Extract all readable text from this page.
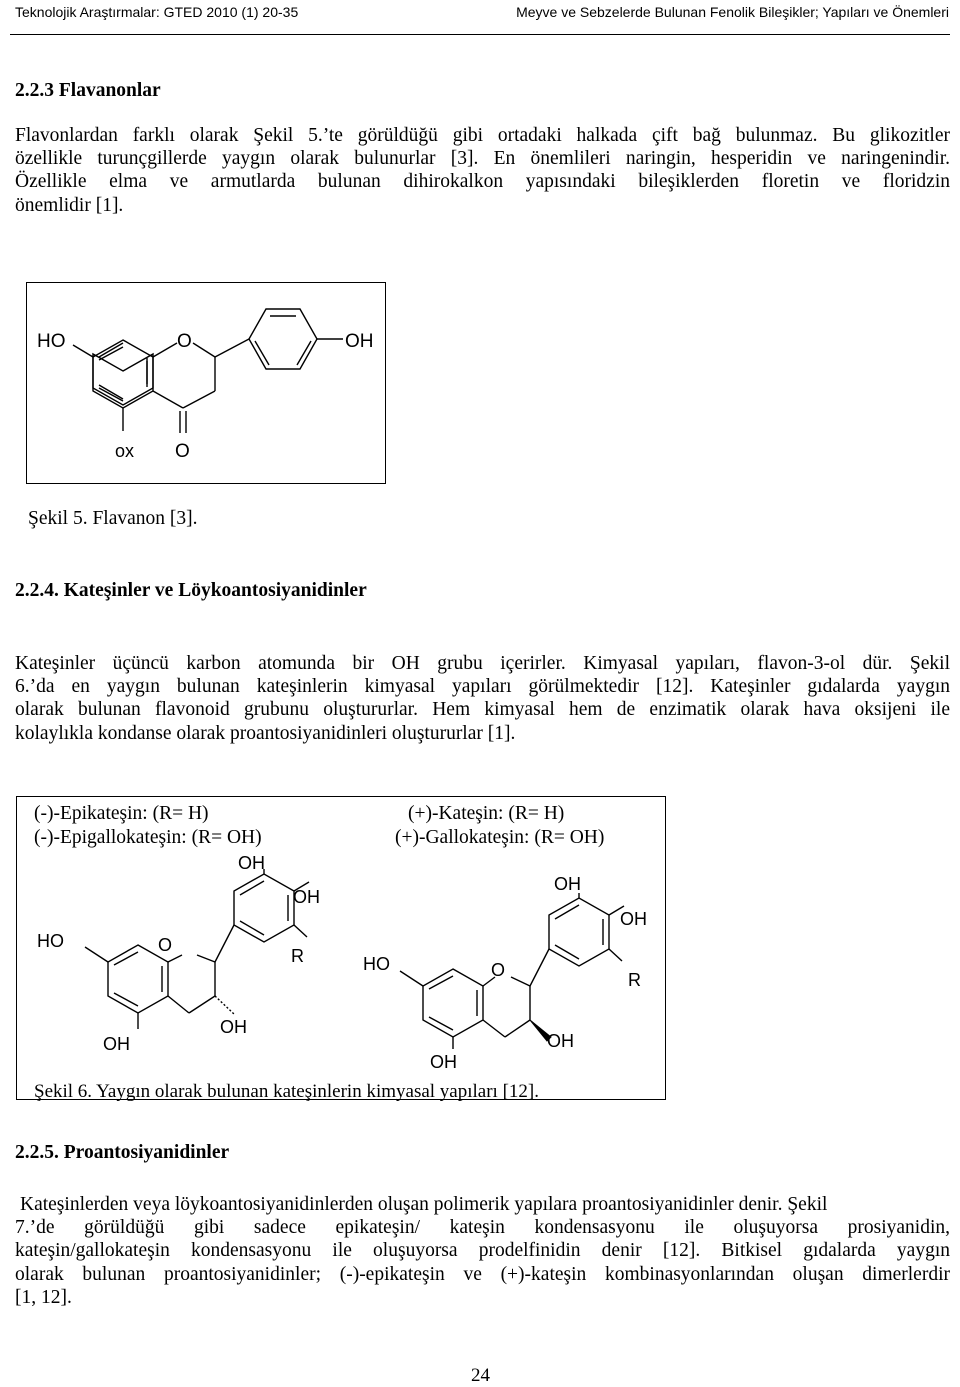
Teknolojik Araştırmalar: GTED 2010 (1) 20-35	Meyve ve Sebzelerde Bulunan Fenolik Bileşikler; Yapıları ve Önemleri
2.2.3 Flavanonlar
Flavonlardan farklı olarak Şekil 5.’te görüldüğü gibi ortadaki halkada çift bağ bulunmaz. Bu glikozitler
özellikle turunçgillerde yaygın olarak bulunurlar [3]. En önemlileri naringin, hesperidin ve naringenindir.
Özellikle elma ve armutlarda bulunan dihirokalkon yapısındaki bileşiklerden floretin ve floridzin
önemlidir [1].
HO	O	OH
ox O
Şekil 5. Flavanon [3].
2.2.4. Kateşinler ve Löykoantosiyanidinler
Kateşinler üçüncü karbon atomunda bir OH grubu içerirler. Kimyasal yapıları, flavon-3-ol dür. Şekil
6.’da en yaygın bulunan kateşinlerin kimyasal yapıları görülmektedir [12]. Kateşinler gıdalarda yaygın
olarak bulunan flavonoid grubunu oluştururlar. Hem kimyasal hem de enzimatik olarak hava oksijeni ile
kolaylıkla kondanse olarak proantosiyanidinleri oluştururlar [1].
(-)-Epikateşin: (R= H)
(-)-Epigallokateşin: (R= OH)
(+)-Kateşin: (R= H)
(+)-Gallokateşin: (R= OH)
OH
OH
R
HO	O
OH
OH
OH
OH
R
HO	O
OH
OH
Şekil 6. Yaygın olarak bulunan kateşinlerin kimyasal yapıları [12].
2.2.5. Proantosiyanidinler
Kateşinlerden veya löykoantosiyanidinlerden oluşan polimerik yapılara proantosiyanidinler denir. Şekil
7.’de görüldüğü gibi sadece epikateşin/ kateşin kondensasyonu ile oluşuyorsa prosiyanidin,
kateşin/gallokateşin kondensasyonu ile oluşuyorsa prodelfinidin denir [12]. Bitkisel gıdalarda yaygın
olarak bulunan proantosiyanidinler; (-)-epikateşin ve (+)-kateşin kombinasyonlarından oluşan dimerlerdir
[1, 12].
24
